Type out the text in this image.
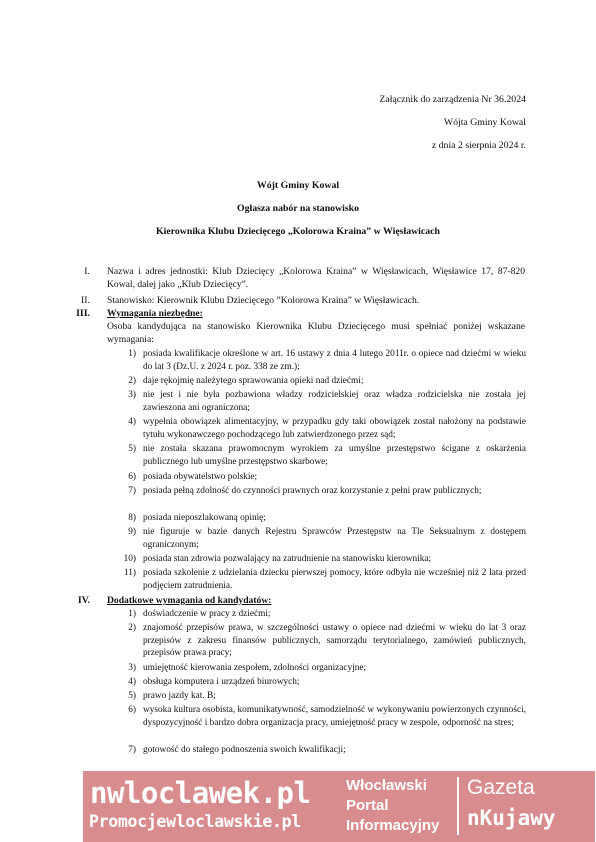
Załącznik do zarządzenia Nr 36.2024
Wójta Gminy Kowal
z dnia 2 sierpnia 2024 r.
Wójt Gminy Kowal
Ogłasza nabór na stanowisko
Kierownika Klubu Dziecięcego „Kolorowa Kraina” w Więsławicach
I. Nazwa i adres jednostki: Klub Dziecięcy „Kolorowa Kraina” w Więsławicach, Więsławice 17, 87-820 Kowal, dalej jako „Klub Dziecięcy”.
II. Stanowisko: Kierownik Klubu Dziecięcego ”Kolorowa Kraina” w Więsławicach.
III. Wymagania niezbędne:
Osoba kandydująca na stanowisko Kierownika Klubu Dziecięcego musi spełniać poniżej wskazane wymagania:
1) posiada kwalifikacje określone w art. 16 ustawy z dnia 4 lutego 2011r. o opiece nad dziećmi w wieku do lat 3 (Dz.U. z 2024 r. poz. 338 ze zm.);
2) daje rękojmię należytego sprawowania opieki nad dziećmi;
3) nie jest i nie była pozbawiona władzy rodzicielskiej oraz władza rodzicielska nie została jej zawieszona ani ograniczona;
4) wypełnia obowiązek alimentacyjny, w przypadku gdy taki obowiązek został nałożony na podstawie tytułu wykonawczego pochodzącego lub zatwierdzonego przez sąd;
5) nie została skazana prawomocnym wyrokiem za umyślne przestępstwo ścigane z oskarżenia publicznego lub umyślne przestępstwo skarbowe;
6) posiada obywatelstwo polskie;
7) posiada pełną zdolność do czynności prawnych oraz korzystanie z pełni praw publicznych;
8) posiada nieposzlakowaną opinię;
9) nie figuruje w bazie danych Rejestru Sprawców Przestępstw na Tle Seksualnym z dostępem ograniczonym;
10) posiada stan zdrowia pozwalający na zatrudnienie na stanowisku kierownika;
11) posiada szkolenie z udzielania dziecku pierwszej pomocy, które odbyła nie wcześniej niż 2 lata przed podjęciem zatrudnienia.
IV. Dodatkowe wymagania od kandydatów:
1) doświadczenie w pracy z dziećmi;
2) znajomość przepisów prawa, w szczególności ustawy o opiece nad dziećmi w wieku do lat 3 oraz przepisów z zakresu finansów publicznych, samorządu terytorialnego, zamówień publicznych, przepisów prawa pracy;
3) umiejętność kierowania zespołem, zdolności organizacyjne;
4) obsługa komputera i urządzeń biurowych;
5) prawo jazdy kat. B;
6) wysoka kultura osobista, komunikatywność, samodzielność w wykonywaniu powierzonych czynności, dyspozycyjność i bardzo dobra organizacja pracy, umiejętność pracy w zespole, odporność na stres;
7) gotowość do stałego podnoszenia swoich kwalifikacji;
nwloclawek.pl
Promocjewloclawskie.pl
Włocławski
Portal
Informacyjny
Gazeta
nKujawy
